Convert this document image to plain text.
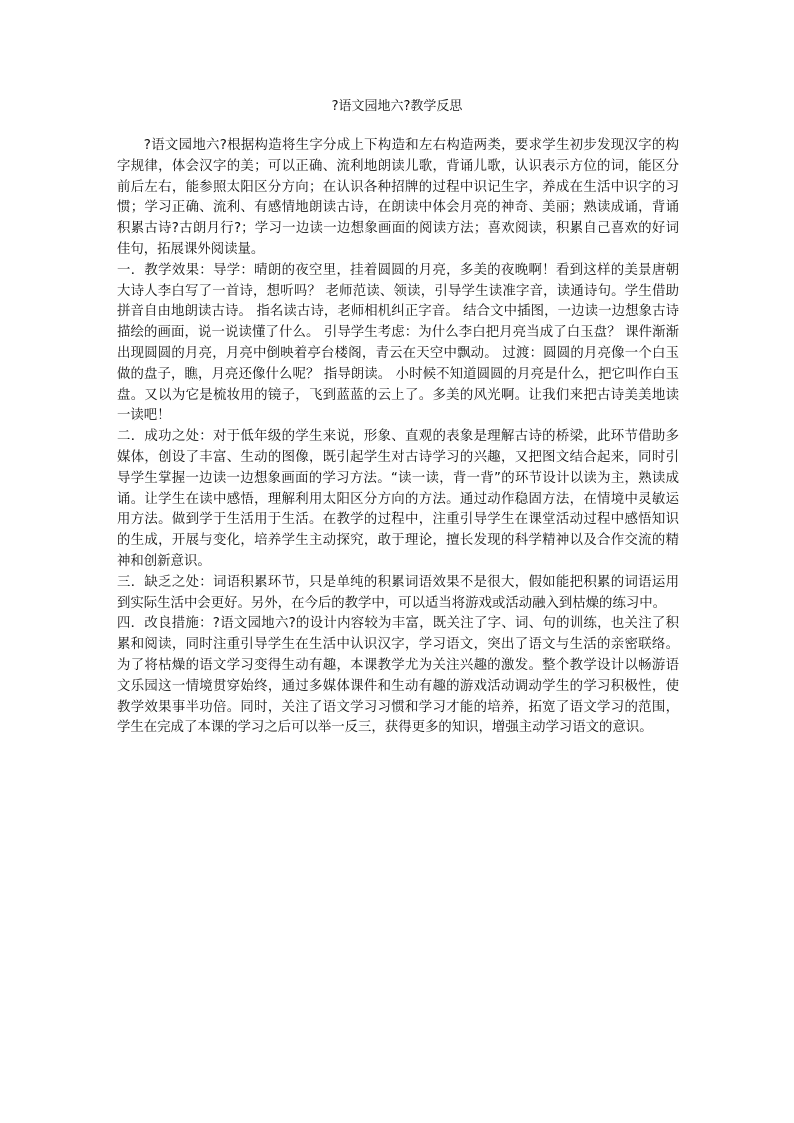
?语文园地六?教学反思

?语文园地六?根据构造将生字分成上下构造和左右构造两类，要求学生初步发现汉字的构字规律，体会汉字的美；可以正确、流利地朗读儿歌，背诵儿歌，认识表示方位的词，能区分前后左右，能参照太阳区分方向；在认识各种招牌的过程中识记生字，养成在生活中识字的习惯；学习正确、流利、有感情地朗读古诗，在朗读中体会月亮的神奇、美丽；熟读成诵，背诵积累古诗?古朗月行?；学习一边读一边想象画面的阅读方法；喜欢阅读，积累自己喜欢的好词佳句，拓展课外阅读量。

一．教学效果：导学：晴朗的夜空里，挂着圆圆的月亮，多美的夜晚啊！看到这样的美景唐朝大诗人李白写了一首诗，想听吗？ 老师范读、领读，引导学生读准字音，读通诗句。学生借助拼音自由地朗读古诗。 指名读古诗，老师相机纠正字音。 结合文中插图，一边读一边想象古诗描绘的画面，说一说读懂了什么。 引导学生考虑：为什么李白把月亮当成了白玉盘？ 课件渐渐出现圆圆的月亮，月亮中倒映着亭台楼阁，青云在天空中飘动。 过渡：圆圆的月亮像一个白玉做的盘子，瞧，月亮还像什么呢？ 指导朗读。 小时候不知道圆圆的月亮是什么，把它叫作白玉盘。又以为它是梳妆用的镜子，飞到蓝蓝的云上了。多美的风光啊。让我们来把古诗美美地读一读吧！

二．成功之处：对于低年级的学生来说，形象、直观的表象是理解古诗的桥梁，此环节借助多媒体，创设了丰富、生动的图像，既引起学生对古诗学习的兴趣，又把图文结合起来，同时引导学生掌握一边读一边想象画面的学习方法。“读一读，背一背”的环节设计以读为主，熟读成诵。让学生在读中感悟，理解利用太阳区分方向的方法。通过动作稳固方法，在情境中灵敏运用方法。做到学于生活用于生活。在教学的过程中，注重引导学生在课堂活动过程中感悟知识的生成，开展与变化，培养学生主动探究，敢于理论，擅长发现的科学精神以及合作交流的精神和创新意识。

三．缺乏之处：词语积累环节，只是单纯的积累词语效果不是很大，假如能把积累的词语运用到实际生活中会更好。另外，在今后的教学中，可以适当将游戏或活动融入到枯燥的练习中。

四．改良措施：?语文园地六?的设计内容较为丰富，既关注了字、词、句的训练，也关注了积累和阅读，同时注重引导学生在生活中认识汉字，学习语文，突出了语文与生活的亲密联络。为了将枯燥的语文学习变得生动有趣，本课教学尤为关注兴趣的激发。整个教学设计以畅游语文乐园这一情境贯穿始终，通过多媒体课件和生动有趣的游戏活动调动学生的学习积极性，使教学效果事半功倍。同时，关注了语文学习习惯和学习才能的培养，拓宽了语文学习的范围，学生在完成了本课的学习之后可以举一反三，获得更多的知识，增强主动学习语文的意识。
